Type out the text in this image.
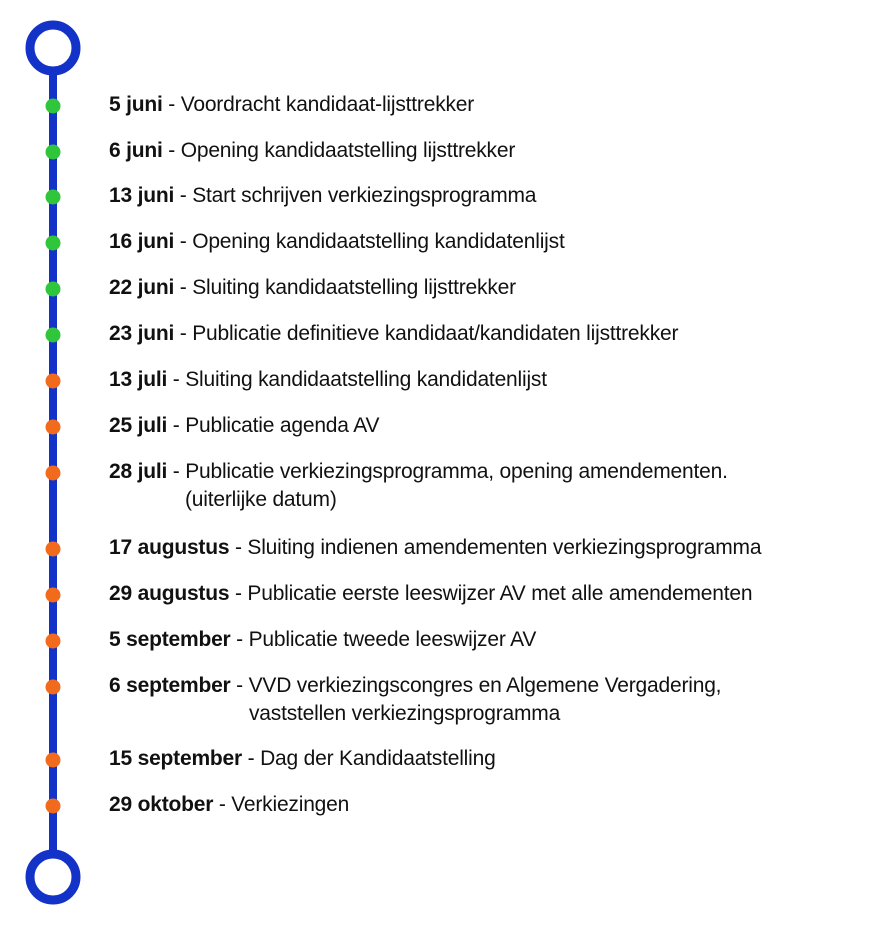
5 juni - Voordracht kandidaat-lijsttrekker
6 juni - Opening kandidaatstelling lijsttrekker
13 juni - Start schrijven verkiezingsprogramma
16 juni - Opening kandidaatstelling kandidatenlijst
22 juni - Sluiting kandidaatstelling lijsttrekker
23 juni - Publicatie definitieve kandidaat/kandidaten lijsttrekker
13 juli - Sluiting kandidaatstelling kandidatenlijst
25 juli - Publicatie agenda AV
28 juli - Publicatie verkiezingsprogramma, opening amendementen.
(uiterlijke datum)
17 augustus - Sluiting indienen amendementen verkiezingsprogramma
29 augustus - Publicatie eerste leeswijzer AV met alle amendementen
5 september - Publicatie tweede leeswijzer AV
6 september - VVD verkiezingscongres en Algemene Vergadering,
vaststellen verkiezingsprogramma
15 september - Dag der Kandidaatstelling
29 oktober - Verkiezingen
